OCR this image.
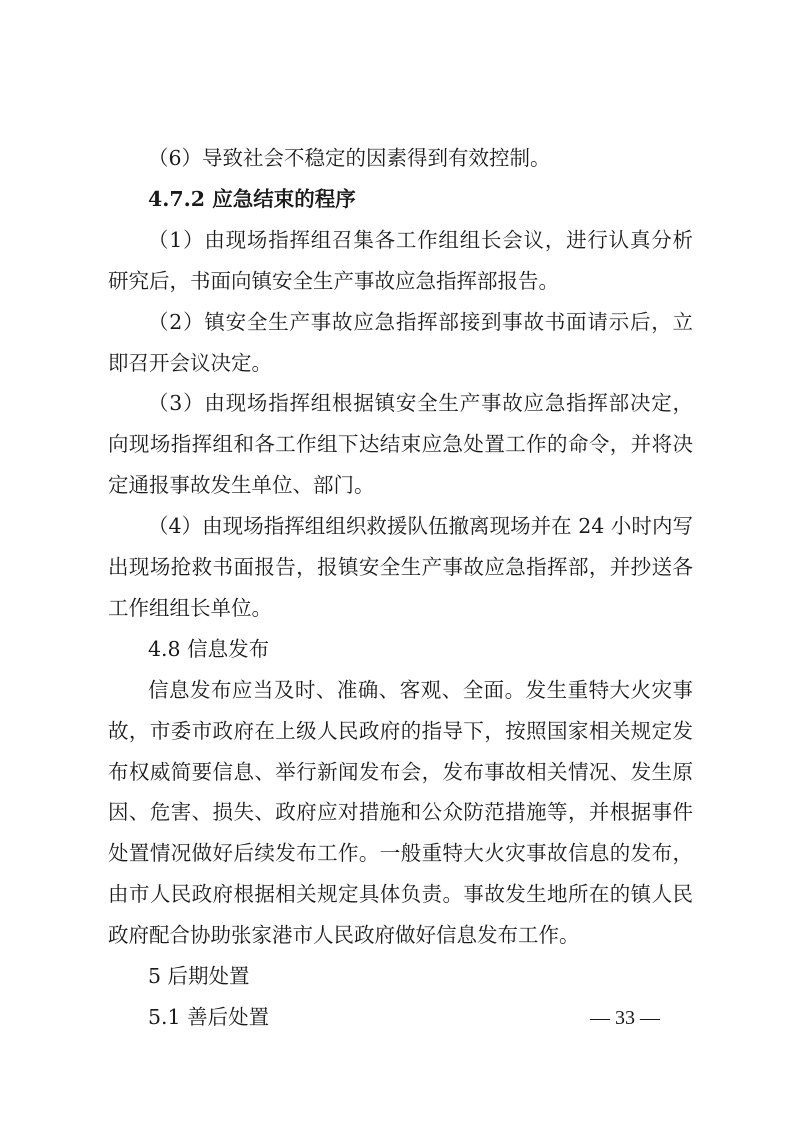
（6）导致社会不稳定的因素得到有效控制。
4.7.2 应急结束的程序
（1）由现场指挥组召集各工作组组长会议，进行认真分析
研究后，书面向镇安全生产事故应急指挥部报告。
（2）镇安全生产事故应急指挥部接到事故书面请示后，立
即召开会议决定。
（3）由现场指挥组根据镇安全生产事故应急指挥部决定，
向现场指挥组和各工作组下达结束应急处置工作的命令，并将决
定通报事故发生单位、部门。
（4）由现场指挥组组织救援队伍撤离现场并在 24 小时内写
出现场抢救书面报告，报镇安全生产事故应急指挥部，并抄送各
工作组组长单位。
4.8 信息发布
信息发布应当及时、准确、客观、全面。发生重特大火灾事
故，市委市政府在上级人民政府的指导下，按照国家相关规定发
布权威简要信息、举行新闻发布会，发布事故相关情况、发生原
因、危害、损失、政府应对措施和公众防范措施等，并根据事件
处置情况做好后续发布工作。一般重特大火灾事故信息的发布，
由市人民政府根据相关规定具体负责。事故发生地所在的镇人民
政府配合协助张家港市人民政府做好信息发布工作。
5 后期处置
5.1 善后处置	— 33 —
